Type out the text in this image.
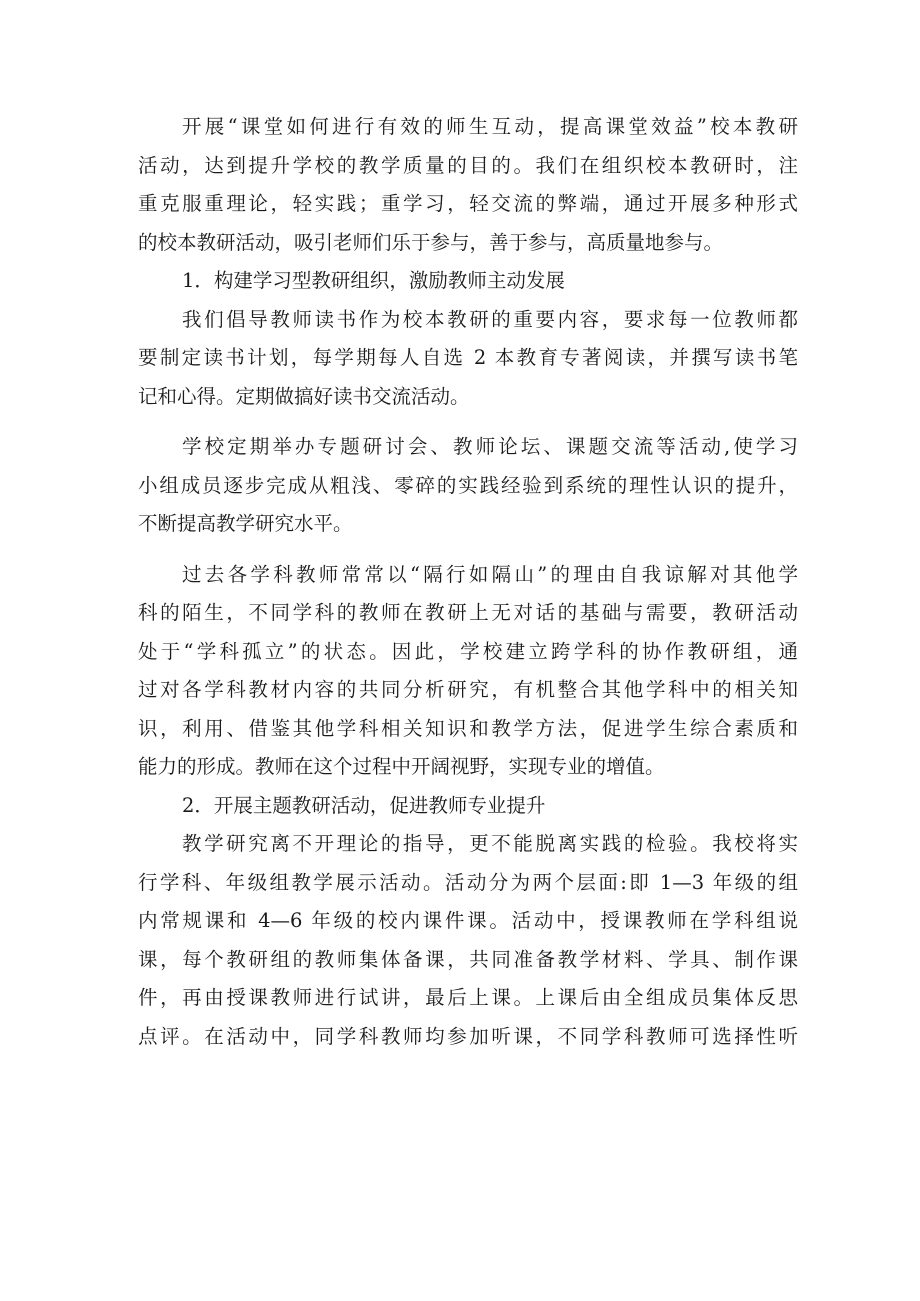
开展“课堂如何进行有效的师生互动，提高课堂效益”校本教研
活动，达到提升学校的教学质量的目的。我们在组织校本教研时，注
重克服重理论，轻实践；重学习，轻交流的弊端，通过开展多种形式
的校本教研活动，吸引老师们乐于参与，善于参与，高质量地参与。
1．构建学习型教研组织，激励教师主动发展
我们倡导教师读书作为校本教研的重要内容，要求每一位教师都
要制定读书计划，每学期每人自选 2 本教育专著阅读，并撰写读书笔
记和心得。定期做搞好读书交流活动。
学校定期举办专题研讨会、教师论坛、课题交流等活动,使学习
小组成员逐步完成从粗浅、零碎的实践经验到系统的理性认识的提升，
不断提高教学研究水平。
过去各学科教师常常以“隔行如隔山”的理由自我谅解对其他学
科的陌生，不同学科的教师在教研上无对话的基础与需要，教研活动
处于“学科孤立”的状态。因此，学校建立跨学科的协作教研组，通
过对各学科教材内容的共同分析研究，有机整合其他学科中的相关知
识，利用、借鉴其他学科相关知识和教学方法，促进学生综合素质和
能力的形成。教师在这个过程中开阔视野，实现专业的增值。
2．开展主题教研活动，促进教师专业提升
教学研究离不开理论的指导，更不能脱离实践的检验。我校将实
行学科、年级组教学展示活动。活动分为两个层面:即 1—3 年级的组
内常规课和 4—6 年级的校内课件课。活动中，授课教师在学科组说
课，每个教研组的教师集体备课，共同准备教学材料、学具、制作课
件，再由授课教师进行试讲，最后上课。上课后由全组成员集体反思
点评。在活动中，同学科教师均参加听课，不同学科教师可选择性听
